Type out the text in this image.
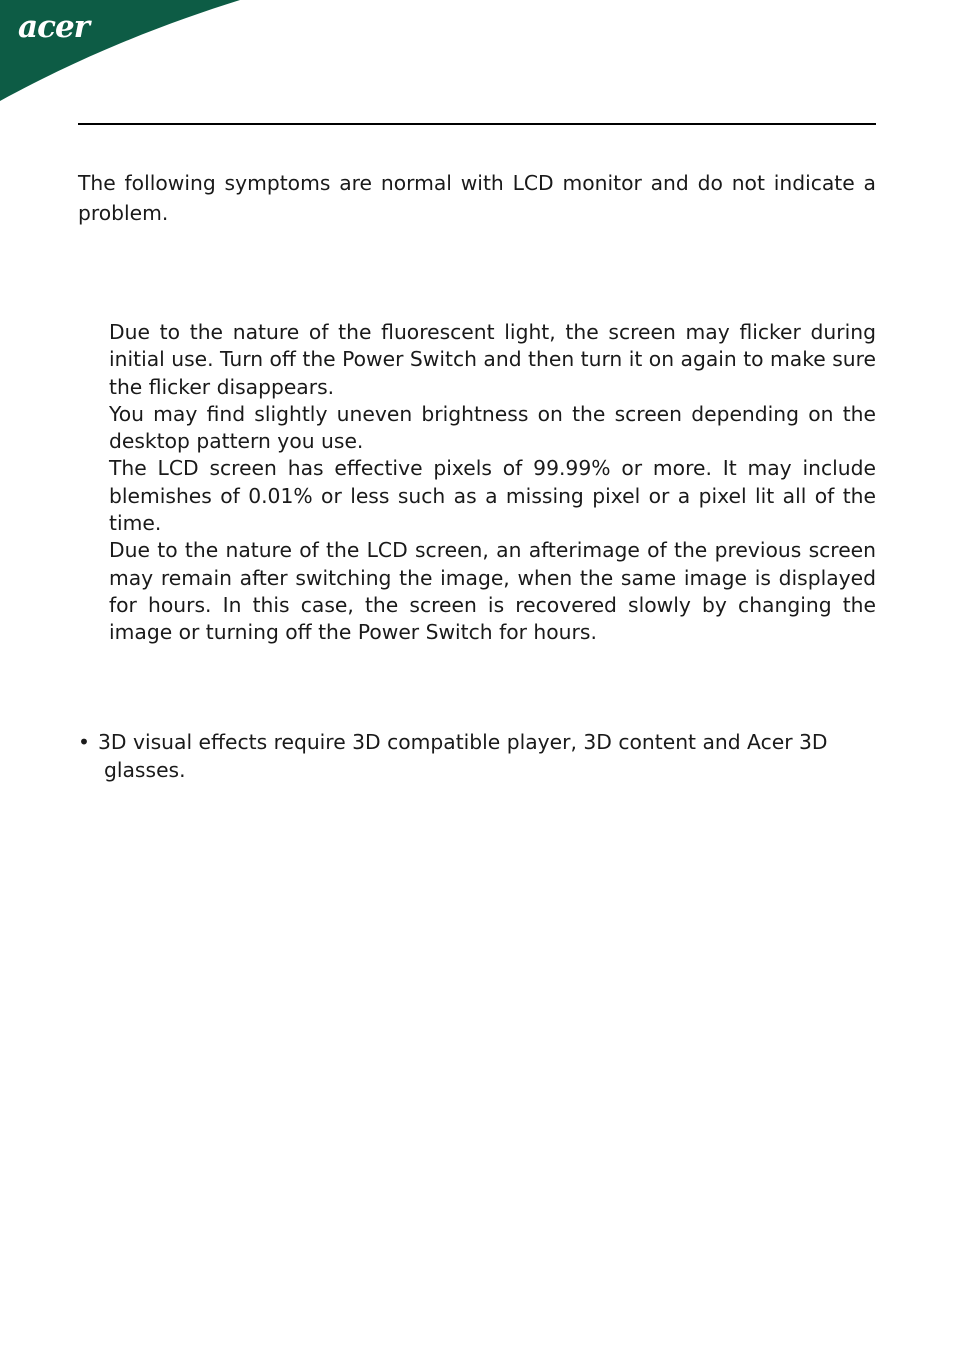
acer

The following symptoms are normal with LCD monitor and do not indicate a problem.

Due to the nature of the fluorescent light, the screen may flicker during initial use. Turn off the Power Switch and then turn it on again to make sure the flicker disappears.
You may find slightly uneven brightness on the screen depending on the desktop pattern you use.
The LCD screen has effective pixels of 99.99% or more. It may include blemishes of 0.01% or less such as a missing pixel or a pixel lit all of the time.
Due to the nature of the LCD screen, an afterimage of the previous screen may remain after switching the image, when the same image is displayed for hours. In this case, the screen is recovered slowly by changing the image or turning off the Power Switch for hours.
• 3D visual effects require 3D compatible player, 3D content and Acer 3D glasses.
